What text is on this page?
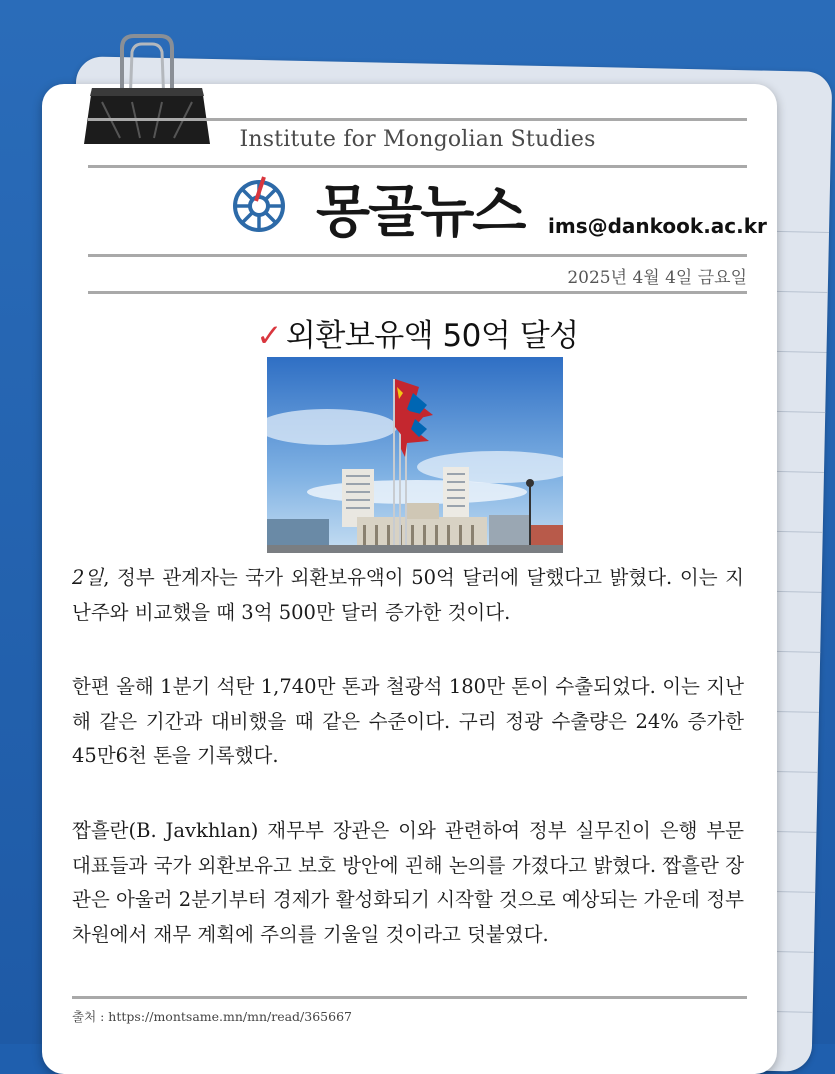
Institute for Mongolian Studies
몽골뉴스 ims@dankook.ac.kr
2025년 4월 4일 금요일
✓ 외환보유액 50억 달성
2일, 정부 관계자는 국가 외환보유액이 50억 달러에 달했다고 밝혔다. 이는 지난주와 비교했을 때 3억 500만 달러 증가한 것이다.
한편 올해 1분기 석탄 1,740만 톤과 철광석 180만 톤이 수출되었다. 이는 지난해 같은 기간과 대비했을 때 같은 수준이다. 구리 정광 수출량은 24% 증가한 45만6천 톤을 기록했다.
짭흘란(B. Javkhlan) 재무부 장관은 이와 관련하여 정부 실무진이 은행 부문 대표들과 국가 외환보유고 보호 방안에 괸해 논의를 가졌다고 밝혔다. 짭흘란 장관은 아울러 2분기부터 경제가 활성화되기 시작할 것으로 예상되는 가운데 정부 차원에서 재무 계획에 주의를 기울일 것이라고 덧붙였다.
출처 : https://montsame.mn/mn/read/365667
